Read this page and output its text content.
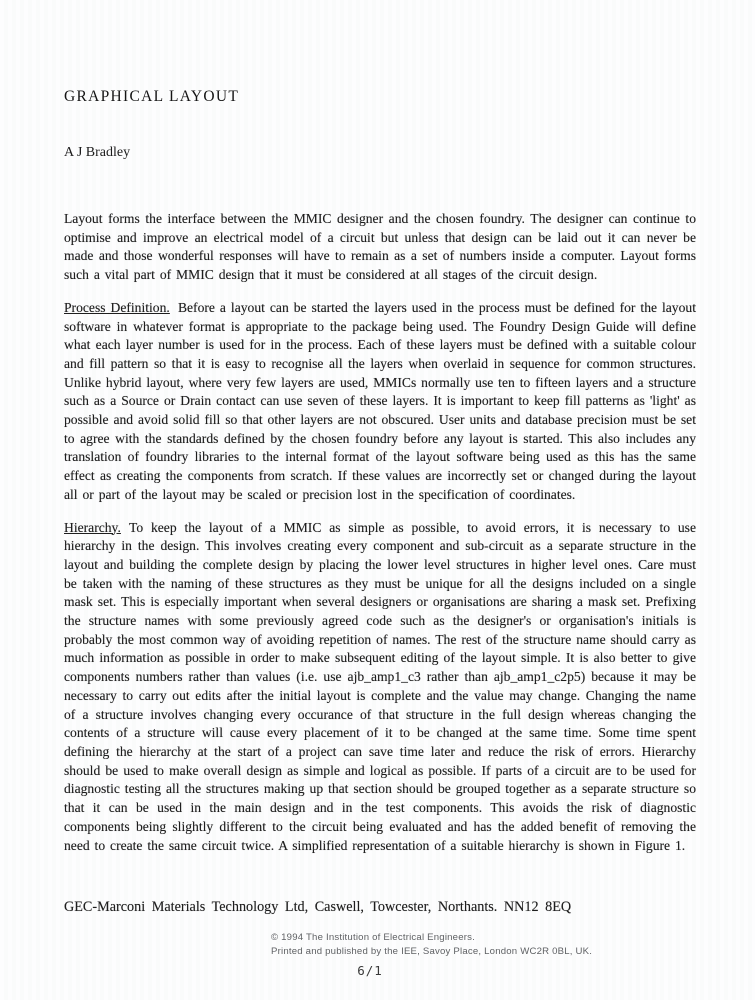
GRAPHICAL LAYOUT
A J Bradley

Layout forms the interface between the MMIC designer and the chosen foundry. The designer can continue to optimise and improve an electrical model of a circuit but unless that design can be laid out it can never be made and those wonderful responses will have to remain as a set of numbers inside a computer. Layout forms such a vital part of MMIC design that it must be considered at all stages of the circuit design.

Process Definition. Before a layout can be started the layers used in the process must be defined for the layout software in whatever format is appropriate to the package being used. The Foundry Design Guide will define what each layer number is used for in the process. Each of these layers must be defined with a suitable colour and fill pattern so that it is easy to recognise all the layers when overlaid in sequence for common structures. Unlike hybrid layout, where very few layers are used, MMICs normally use ten to fifteen layers and a structure such as a Source or Drain contact can use seven of these layers. It is important to keep fill patterns as 'light' as possible and avoid solid fill so that other layers are not obscured. User units and database precision must be set to agree with the standards defined by the chosen foundry before any layout is started. This also includes any translation of foundry libraries to the internal format of the layout software being used as this has the same effect as creating the components from scratch. If these values are incorrectly set or changed during the layout all or part of the layout may be scaled or precision lost in the specification of coordinates.

Hierarchy. To keep the layout of a MMIC as simple as possible, to avoid errors, it is necessary to use hierarchy in the design. This involves creating every component and sub-circuit as a separate structure in the layout and building the complete design by placing the lower level structures in higher level ones. Care must be taken with the naming of these structures as they must be unique for all the designs included on a single mask set. This is especially important when several designers or organisations are sharing a mask set. Prefixing the structure names with some previously agreed code such as the designer's or organisation's initials is probably the most common way of avoiding repetition of names. The rest of the structure name should carry as much information as possible in order to make subsequent editing of the layout simple. It is also better to give components numbers rather than values (i.e. use ajb_amp1_c3 rather than ajb_amp1_c2p5) because it may be necessary to carry out edits after the initial layout is complete and the value may change. Changing the name of a structure involves changing every occurance of that structure in the full design whereas changing the contents of a structure will cause every placement of it to be changed at the same time. Some time spent defining the hierarchy at the start of a project can save time later and reduce the risk of errors. Hierarchy should be used to make overall design as simple and logical as possible. If parts of a circuit are to be used for diagnostic testing all the structures making up that section should be grouped together as a separate structure so that it can be used in the main design and in the test components. This avoids the risk of diagnostic components being slightly different to the circuit being evaluated and has the added benefit of removing the need to create the same circuit twice. A simplified representation of a suitable hierarchy is shown in Figure 1.

GEC-Marconi Materials Technology Ltd, Caswell, Towcester, Northants. NN12 8EQ

© 1994 The Institution of Electrical Engineers.
Printed and published by the IEE, Savoy Place, London WC2R 0BL, UK.
6/1
